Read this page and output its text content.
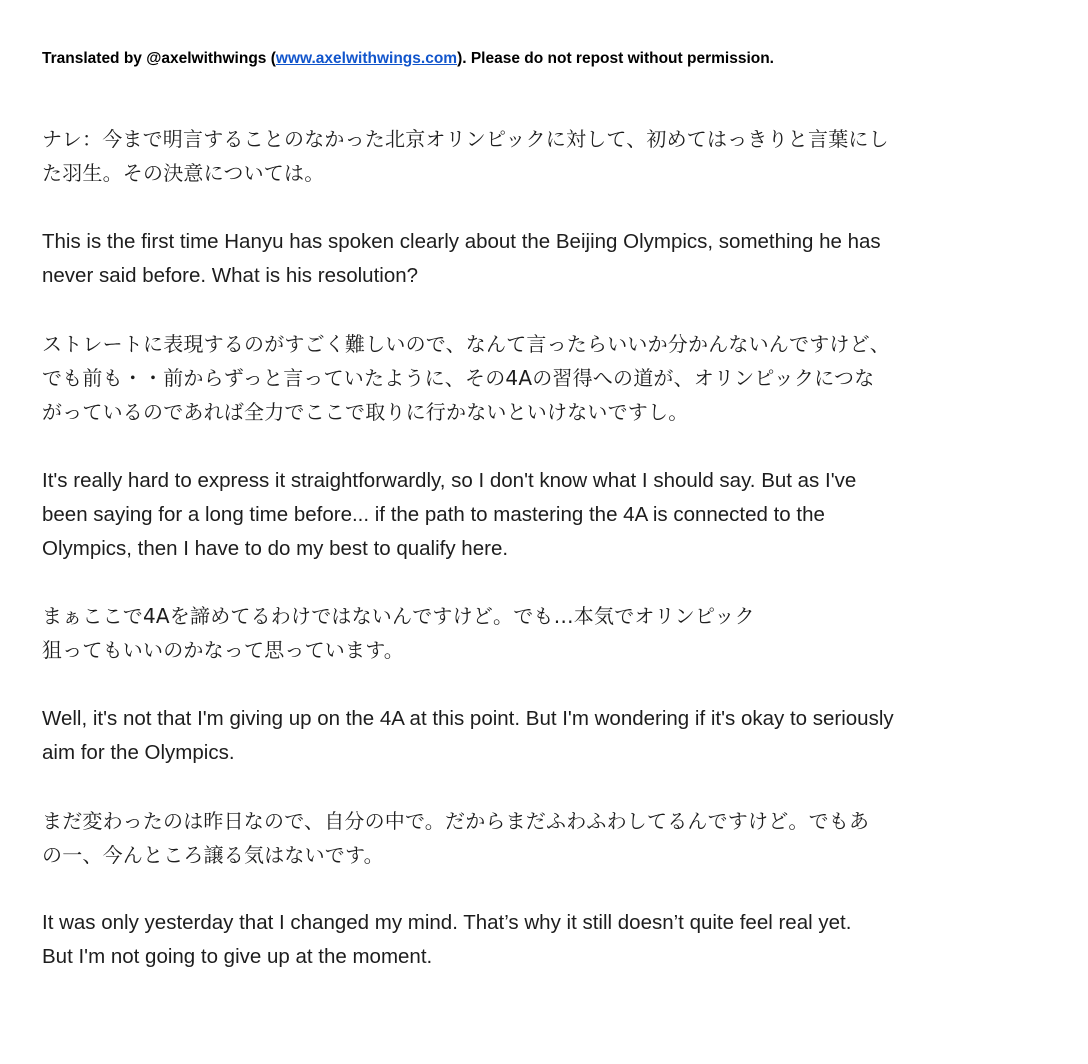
Translated by @axelwithwings (www.axelwithwings.com). Please do not repost without permission.

ナレ：今まで明言することのなかった北京オリンピックに対して、初めてはっきりと言葉にし
た羽生。その決意については。

This is the first time Hanyu has spoken clearly about the Beijing Olympics, something he has
never said before. What is his resolution?

ストレートに表現するのがすごく難しいので、なんて言ったらいいか分かんないんですけど、
でも前も・・前からずっと言っていたように、その4Aの習得への道が、オリンピックにつな
がっているのであれば全力でここで取りに行かないといけないですし。

It's really hard to express it straightforwardly, so I don't know what I should say. But as I've
been saying for a long time before... if the path to mastering the 4A is connected to the
Olympics, then I have to do my best to qualify here.

まぁここで4Aを諦めてるわけではないんですけど。でも…本気でオリンピック
狙ってもいいのかなって思っています。

Well, it's not that I'm giving up on the 4A at this point. But I'm wondering if it's okay to seriously
aim for the Olympics.

まだ変わったのは昨日なので、自分の中で。だからまだふわふわしてるんですけど。でもあ
の一、今んところ譲る気はないです。

It was only yesterday that I changed my mind. That’s why it still doesn’t quite feel real yet.
But I'm not going to give up at the moment.
